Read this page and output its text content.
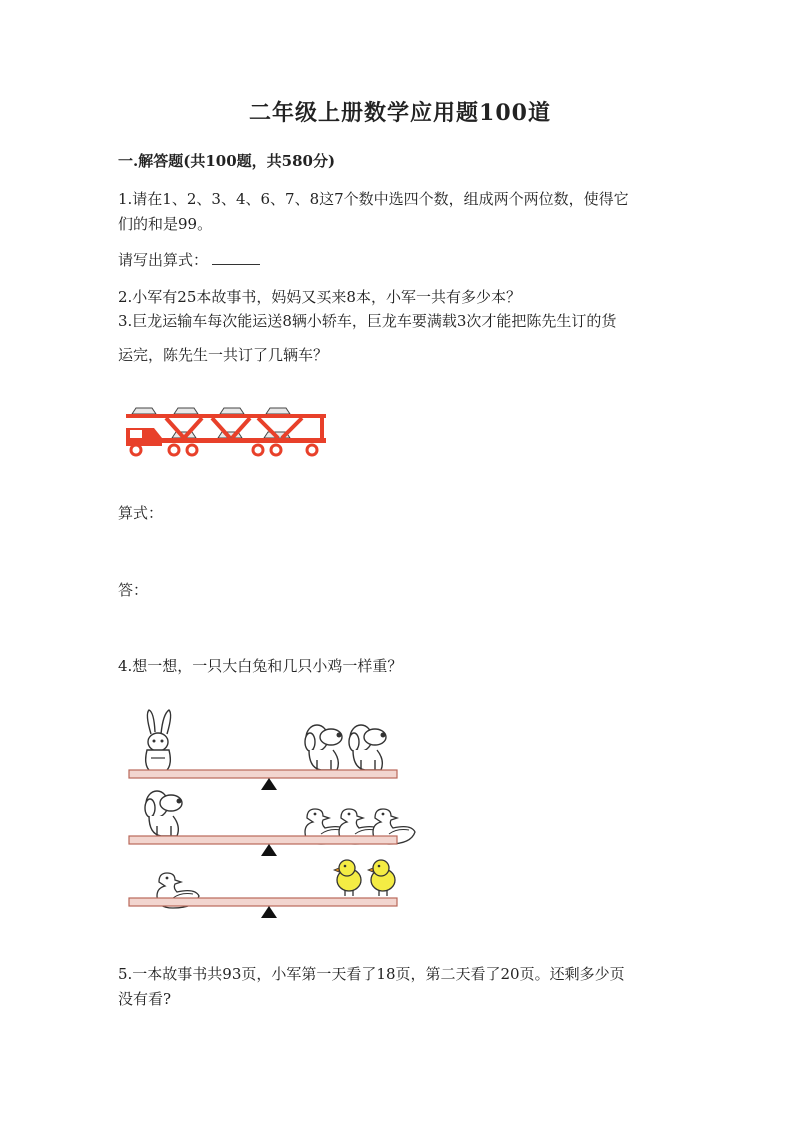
二年级上册数学应用题100道
一.解答题(共100题，共580分)
1.请在1、2、3、4、6、7、8这7个数中选四个数，组成两个两位数，使得它
们的和是99。
请写出算式：
2.小军有25本故事书，妈妈又买来8本，小军一共有多少本？
3.巨龙运输车每次能运送8辆小轿车，巨龙车要满载3次才能把陈先生订的货
运完，陈先生一共订了几辆车？
算式：
答：
4.想一想，一只大白兔和几只小鸡一样重？
5.一本故事书共93页，小军第一天看了18页，第二天看了20页。还剩多少页
没有看?
